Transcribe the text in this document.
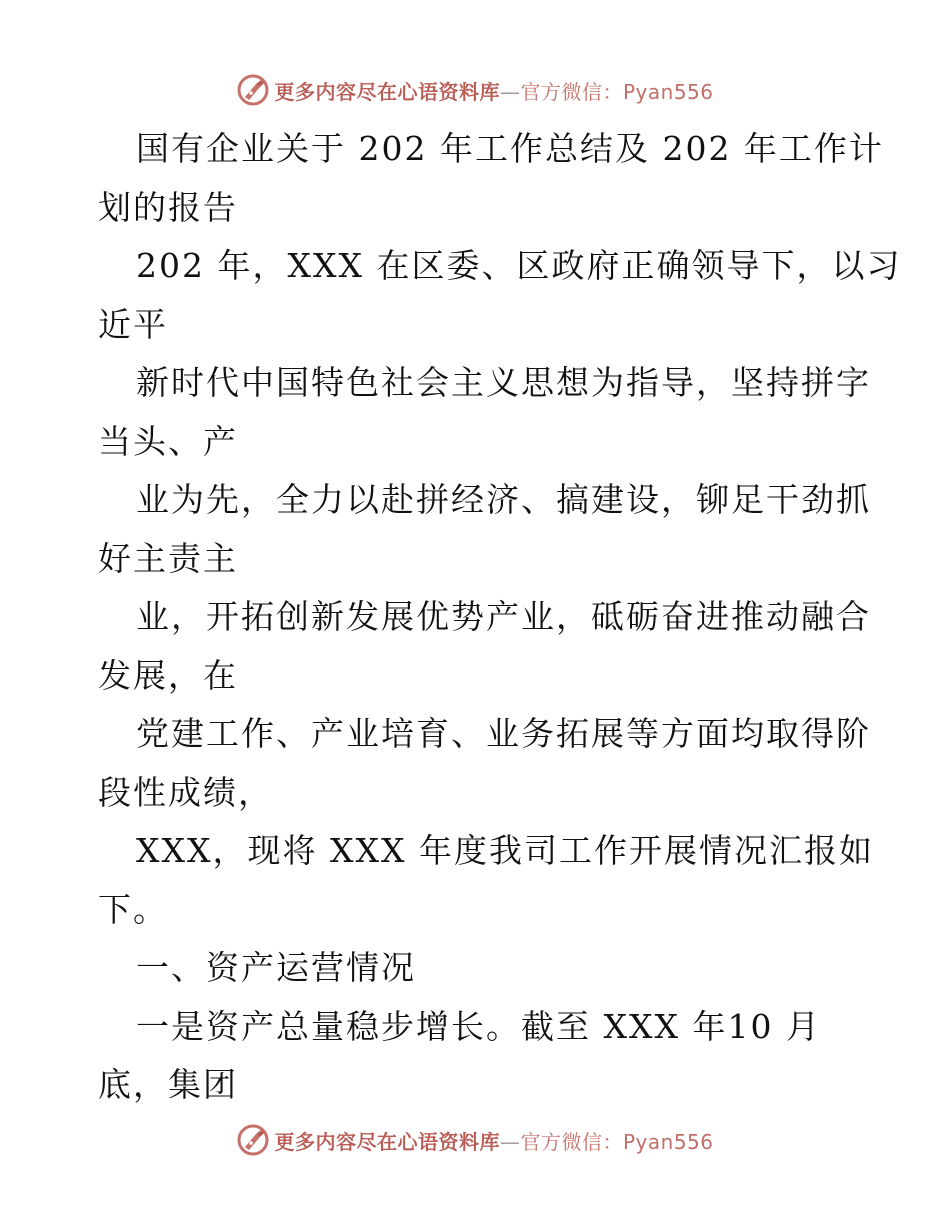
更多内容尽在心语资料库—官方微信：Pyan556
国有企业关于 202 年工作总结及 202 年工作计
划的报告
202 年，XXX 在区委、区政府正确领导下，以习
近平
新时代中国特色社会主义思想为指导，坚持拼字
当头、产
业为先，全力以赴拼经济、搞建设，铆足干劲抓
好主责主
业，开拓创新发展优势产业，砥砺奋进推动融合
发展，在
党建工作、产业培育、业务拓展等方面均取得阶
段性成绩，
XXX，现将 XXX 年度我司工作开展情况汇报如
下。
一、资产运营情况
一是资产总量稳步增长。截至 XXX 年10 月
底，集团
更多内容尽在心语资料库—官方微信：Pyan556
